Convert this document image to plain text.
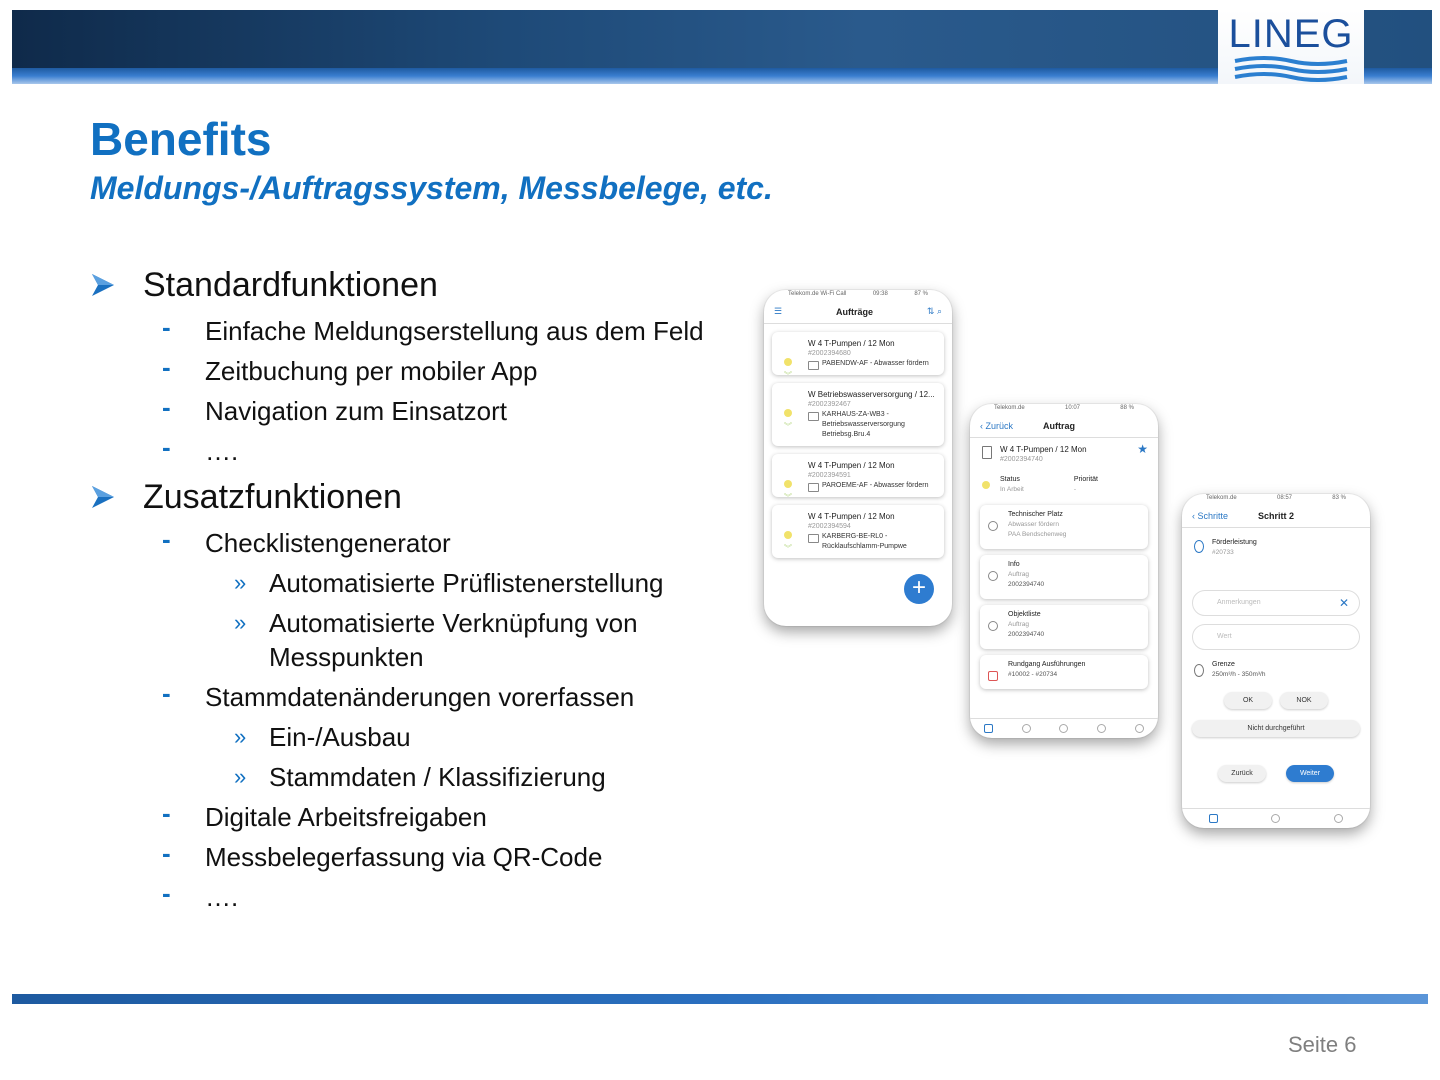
LINEG
Benefits
Meldungs-/Auftragssystem, Messbelege, etc.
Standardfunktionen
- Einfache Meldungserstellung aus dem Feld
- Zeitbuchung per mobiler App
- Navigation zum Einsatzort
- ….
Zusatzfunktionen
- Checklistengenerator
» Automatisierte Prüflistenerstellung
» Automatisierte Verknüpfung von Messpunkten
- Stammdatenänderungen vorerfassen
» Ein-/Ausbau
» Stammdaten / Klassifizierung
- Digitale Arbeitsfreigaben
- Messbelegerfassung via QR-Code
- ….
Telekom.de Wi-Fi Call	09:38	87 %
☰	Aufträge	⇅ ⌕
︾
W 4 T-Pumpen / 12 Mon
#2002394680
PABENDW-AF - Abwasser fördern
︾
W Betriebswasserversorgung / 12...
#2002392467
KARHAUS-ZA-WB3 -
Betriebswasserversorgung
Betriebsg.Bru.4
︾
W 4 T-Pumpen / 12 Mon
#2002394591
PAROEME-AF - Abwasser fördern
︾
W 4 T-Pumpen / 12 Mon
#2002394594
KARBERG-BE-RL0 -
Rücklaufschlamm-Pumpwe
+
Telekom.de	10:07	88 %
‹ Zurück	Auftrag
★
W 4 T-Pumpen / 12 Mon
#2002394740
Status
In Arbeit
Priorität
-
Technischer Platz
Abwasser fördern
PAA Bendschenweg
Info
Auftrag
2002394740
Objektliste
Auftrag
2002394740
Rundgang Ausführungen
#10002 - #20734
Telekom.de	08:57	83 %
‹ Schritte	Schritt 2
Förderleistung
#20733
Anmerkungen	✕
Wert
Grenze
250m³/h - 350m³/h
OK	NOK
Nicht durchgeführt
Zurück	Weiter
Seite 6
